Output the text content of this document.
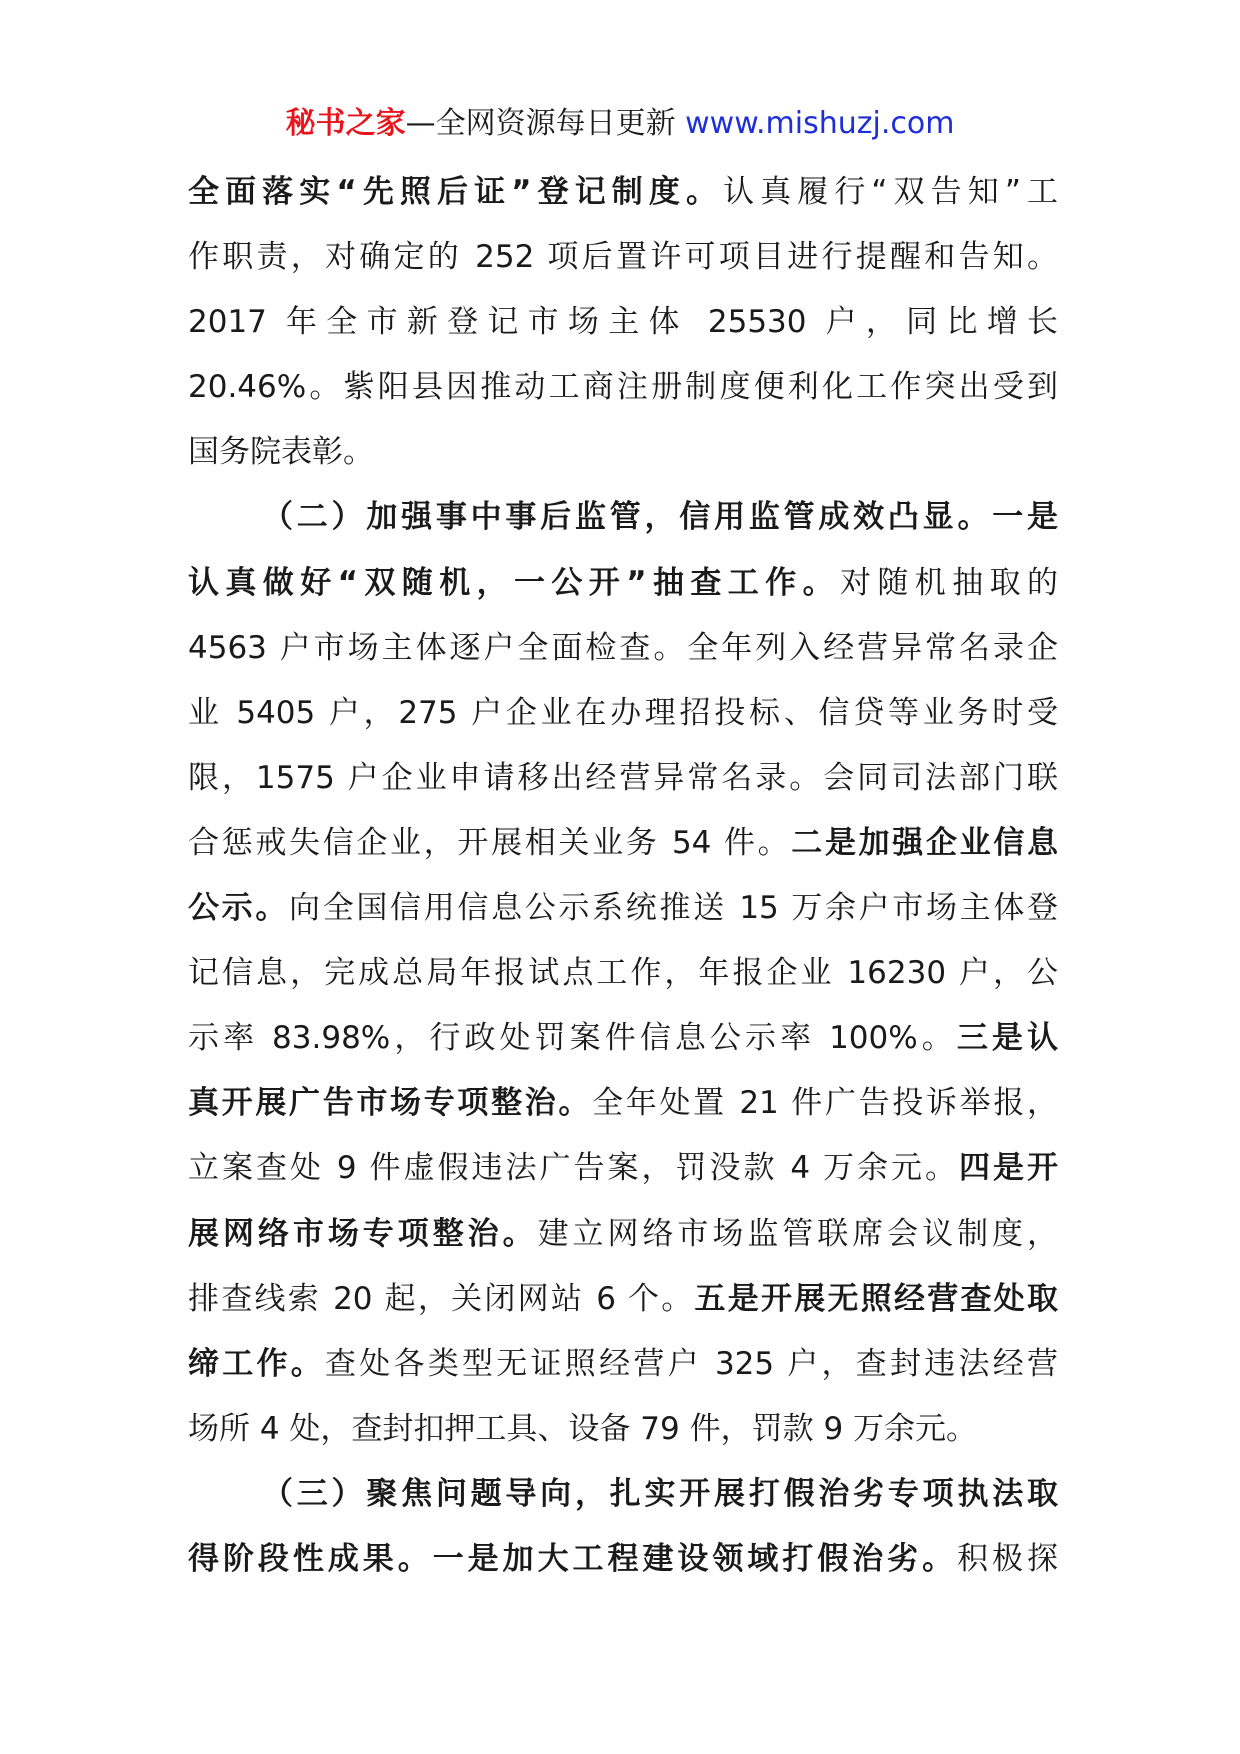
秘书之家—全网资源每日更新 www.mishuzj.com
全面落实“先照后证”登记制度。认真履行“双告知”工
作职责，对确定的 252 项后置许可项目进行提醒和告知。
2017 年全市新登记市场主体 25530 户，同比增长
20.46%。紫阳县因推动工商注册制度便利化工作突出受到
国务院表彰。
（二）加强事中事后监管，信用监管成效凸显。一是
认真做好“双随机，一公开”抽查工作。对随机抽取的
4563 户市场主体逐户全面检查。全年列入经营异常名录企
业 5405 户，275 户企业在办理招投标、信贷等业务时受
限，1575 户企业申请移出经营异常名录。会同司法部门联
合惩戒失信企业，开展相关业务 54 件。二是加强企业信息
公示。向全国信用信息公示系统推送 15 万余户市场主体登
记信息，完成总局年报试点工作，年报企业 16230 户，公
示率 83.98%，行政处罚案件信息公示率 100%。三是认
真开展广告市场专项整治。全年处置 21 件广告投诉举报，
立案查处 9 件虚假违法广告案，罚没款 4 万余元。四是开
展网络市场专项整治。建立网络市场监管联席会议制度，
排查线索 20 起，关闭网站 6 个。五是开展无照经营查处取
缔工作。查处各类型无证照经营户 325 户，查封违法经营
场所 4 处，查封扣押工具、设备 79 件，罚款 9 万余元。
（三）聚焦问题导向，扎实开展打假治劣专项执法取
得阶段性成果。一是加大工程建设领域打假治劣。积极探
